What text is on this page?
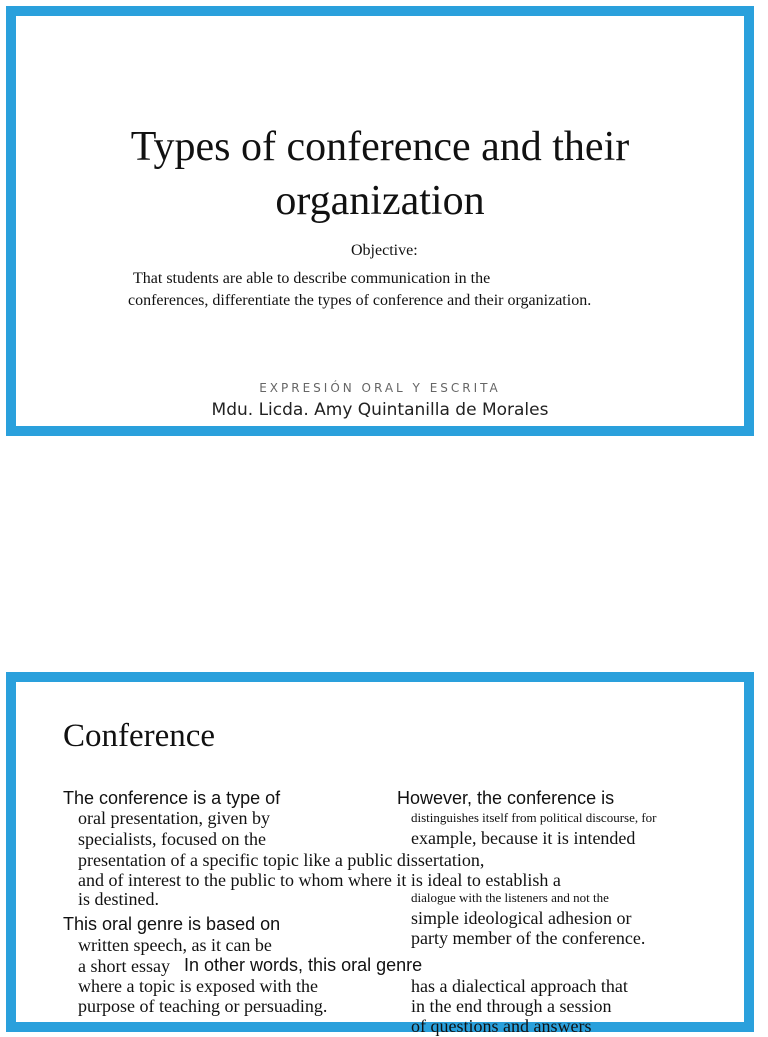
Types of conference and their
organization
Objective:
That students are able to describe communication in the
conferences, differentiate the types of conference and their organization.
EXPRESIÓN ORAL Y ESCRITA
Mdu. Licda. Amy Quintanilla de Morales
Conference
The conference is a type of
oral presentation, given by
specialists, focused on the
presentation of a specific topic like a public dissertation,
and of interest to the public to whom where it is ideal to establish a
is destined.
This oral genre is based on
written speech, as it can be
a short essay In other words, this oral genre
where a topic is exposed with the
purpose of teaching or persuading.
However, the conference is
distinguishes itself from political discourse, for
example, because it is intended
dialogue with the listeners and not the
simple ideological adhesion or
party member of the conference.
has a dialectical approach that
in the end through a session
of questions and answers
